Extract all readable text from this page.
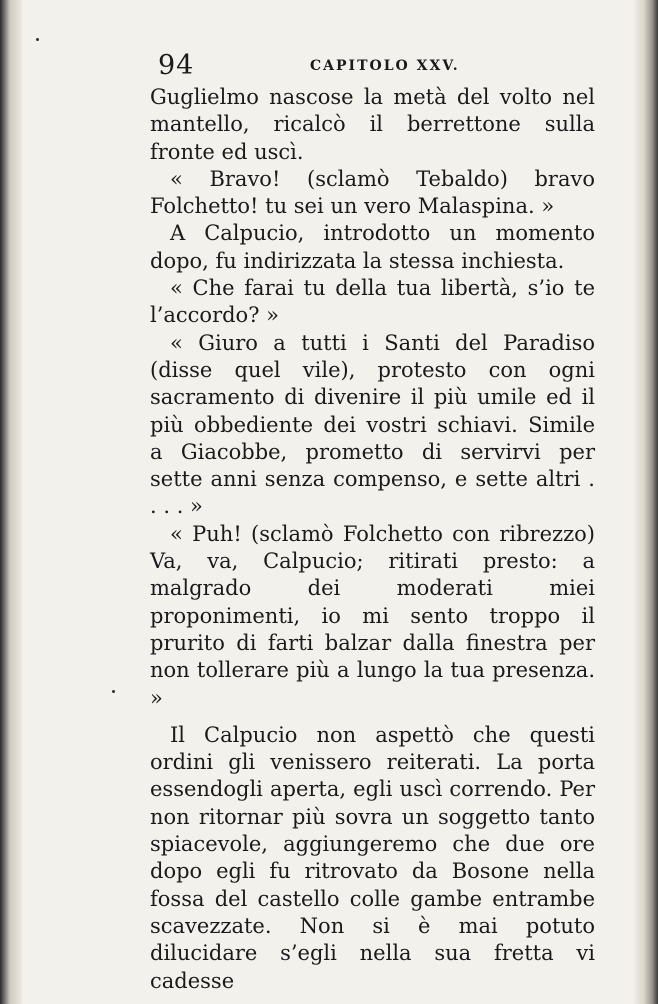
94	CAPITOLO XXV.

Guglielmo nascose la metà del volto nel mantello, ricalcò il berrettone sulla fronte ed uscì.

« Bravo! (sclamò Tebaldo) bravo Folchetto! tu sei un vero Malaspina. »

A Calpucio, introdotto un momento dopo, fu indirizzata la stessa inchiesta.

« Che farai tu della tua libertà, s’io te l’accordo? »

« Giuro a tutti i Santi del Paradiso (disse quel vile), protesto con ogni sacramento di divenire il più umile ed il più obbediente dei vostri schiavi. Simile a Giacobbe, prometto di servirvi per sette anni senza compenso, e sette altri . . . . »

« Puh! (sclamò Folchetto con ribrezzo) Va, va, Calpucio; ritirati presto: a malgrado dei moderati miei proponimenti, io mi sento troppo il prurito di farti balzar dalla finestra per non tollerare più a lungo la tua presenza. »

Il Calpucio non aspettò che questi ordini gli venissero reiterati. La porta essendogli aperta, egli uscì correndo. Per non ritornar più sovra un soggetto tanto spiacevole, aggiungeremo che due ore dopo egli fu ritrovato da Bosone nella fossa del castello colle gambe entrambe scavezzate. Non si è mai potuto dilucidare s’egli nella sua fretta vi cadesse
